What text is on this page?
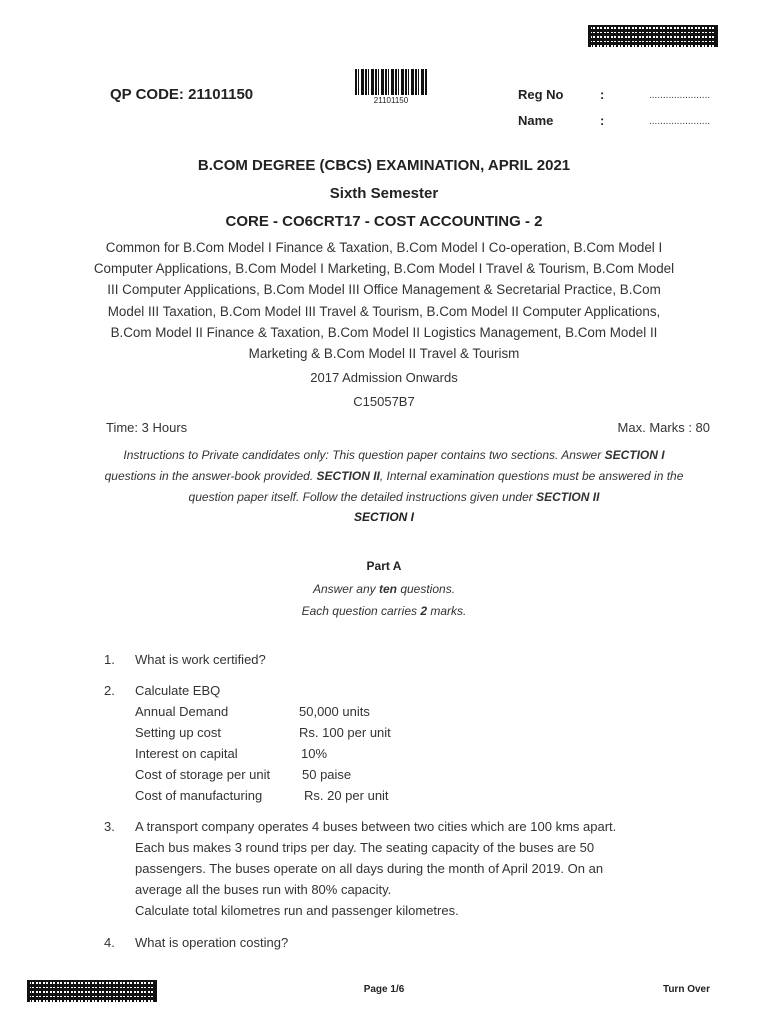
QP CODE: 21101150	21101150	Reg No	:	......................
Name	:	......................
B.COM DEGREE (CBCS) EXAMINATION, APRIL 2021
Sixth Semester
CORE - CO6CRT17 - COST ACCOUNTING - 2
Common for B.Com Model I Finance & Taxation, B.Com Model I Co-operation, B.Com Model I
Computer Applications, B.Com Model I Marketing, B.Com Model I Travel & Tourism, B.Com Model
III Computer Applications, B.Com Model III Office Management & Secretarial Practice, B.Com
Model III Taxation, B.Com Model III Travel & Tourism, B.Com Model II Computer Applications,
B.Com Model II Finance & Taxation, B.Com Model II Logistics Management, B.Com Model II
Marketing & B.Com Model II Travel & Tourism
2017 Admission Onwards
C15057B7
Time: 3 Hours	Max. Marks : 80
Instructions to Private candidates only: This question paper contains two sections. Answer SECTION I
questions in the answer-book provided. SECTION II, Internal examination questions must be answered in the
question paper itself. Follow the detailed instructions given under SECTION II
SECTION I
Part A
Answer any ten questions.
Each question carries 2 marks.
1. What is work certified?
2. Calculate EBQ
Annual Demand	50,000 units
Setting up cost	Rs. 100 per unit
Interest on capital	10%
Cost of storage per unit 50 paise
Cost of manufacturing	Rs. 20 per unit
3. A transport company operates 4 buses between two cities which are 100 kms apart.
Each bus makes 3 round trips per day. The seating capacity of the buses are 50
passengers. The buses operate on all days during the month of April 2019. On an
average all the buses run with 80% capacity.
Calculate total kilometres run and passenger kilometres.
4. What is operation costing?
Page 1/6	Turn Over
